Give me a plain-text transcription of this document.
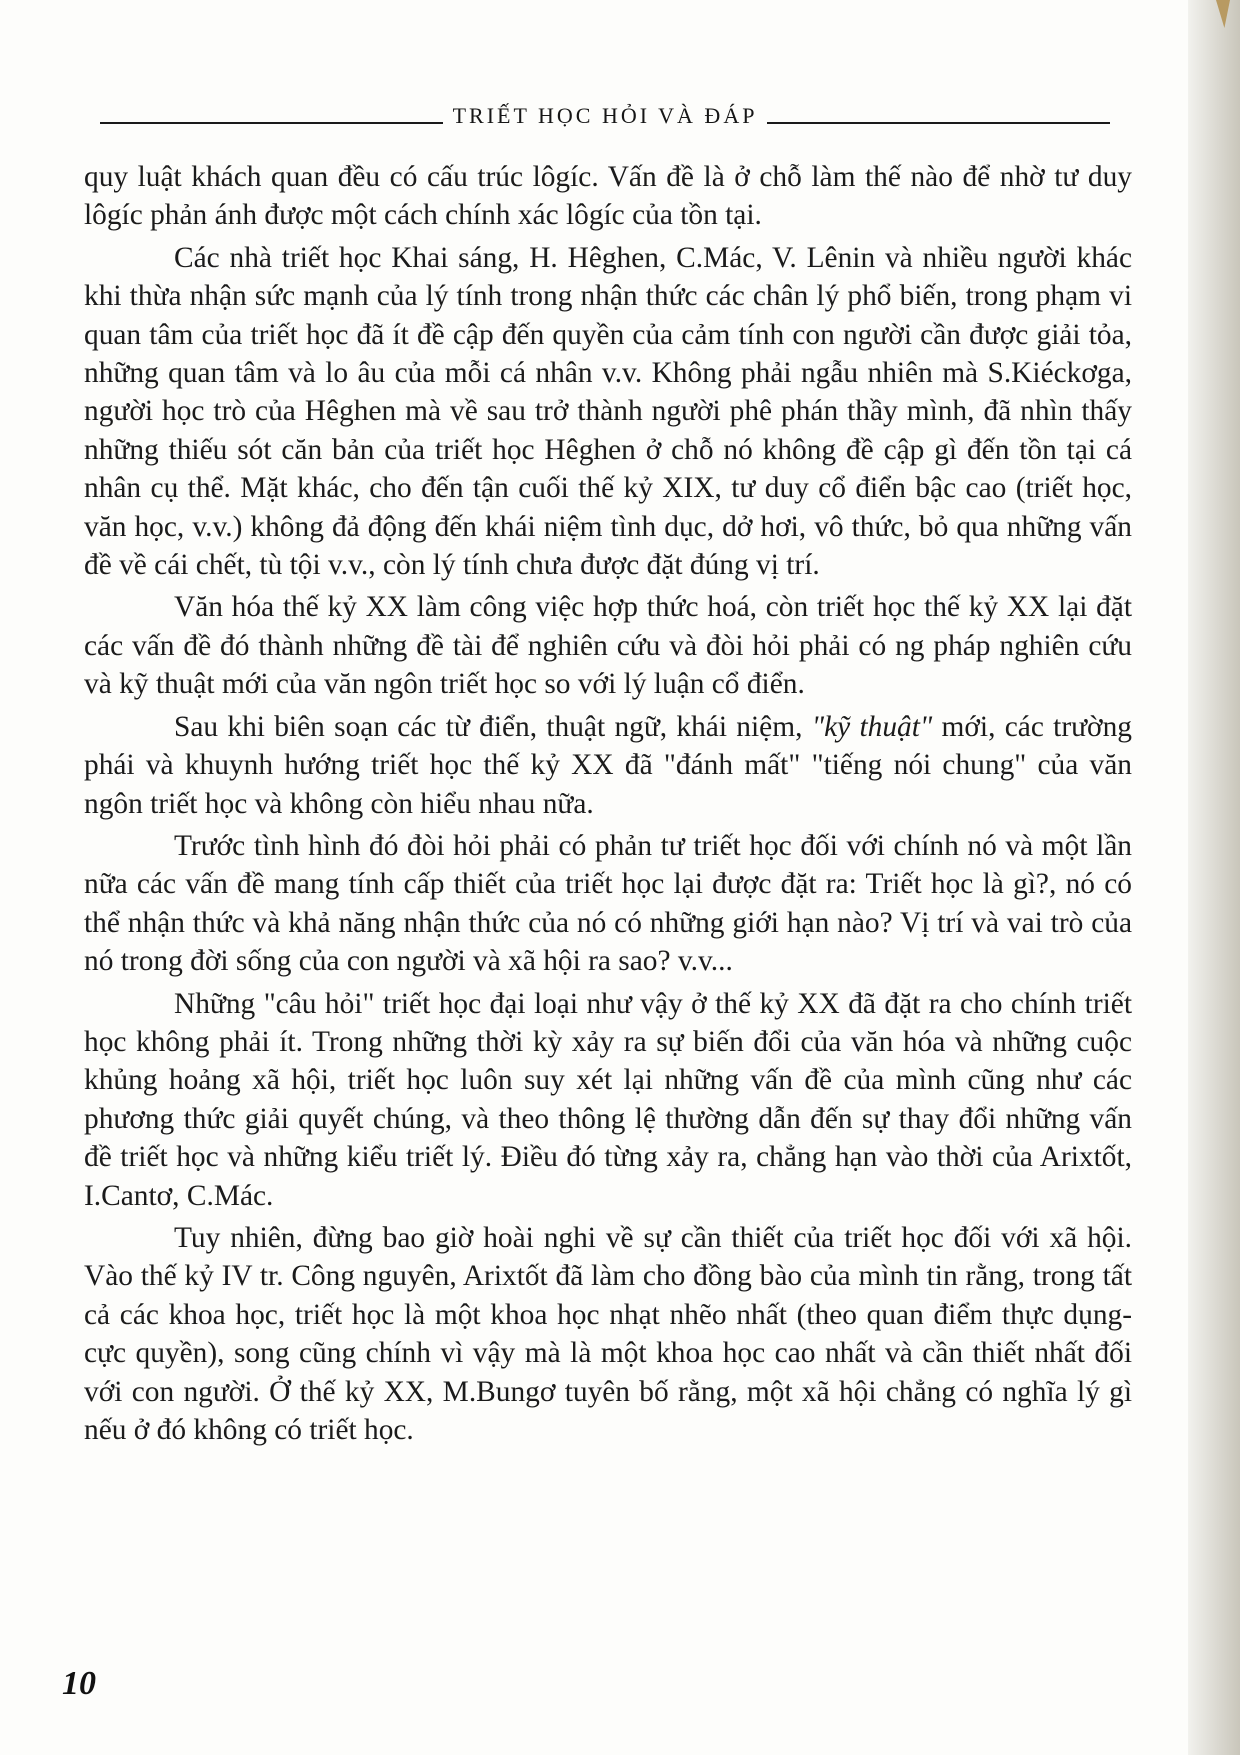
TRIẾT HỌC HỎI VÀ ĐÁP

quy luật khách quan đều có cấu trúc lôgíc. Vấn đề là ở chỗ làm thế nào để nhờ tư duy lôgíc phản ánh được một cách chính xác lôgíc của tồn tại.

Các nhà triết học Khai sáng, H. Hêghen, C.Mác, V. Lênin và nhiều người khác khi thừa nhận sức mạnh của lý tính trong nhận thức các chân lý phổ biến, trong phạm vi quan tâm của triết học đã ít đề cập đến quyền của cảm tính con người cần được giải tỏa, những quan tâm và lo âu của mỗi cá nhân v.v. Không phải ngẫu nhiên mà S.Kiéckơga, người học trò của Hêghen mà về sau trở thành người phê phán thầy mình, đã nhìn thấy những thiếu sót căn bản của triết học Hêghen ở chỗ nó không đề cập gì đến tồn tại cá nhân cụ thể. Mặt khác, cho đến tận cuối thế kỷ XIX, tư duy cổ điển bậc cao (triết học, văn học, v.v.) không đả động đến khái niệm tình dục, dở hơi, vô thức, bỏ qua những vấn đề về cái chết, tù tội v.v., còn lý tính chưa được đặt đúng vị trí.

Văn hóa thế kỷ XX làm công việc hợp thức hoá, còn triết học thế kỷ XX lại đặt các vấn đề đó thành những đề tài để nghiên cứu và đòi hỏi phải có ng pháp nghiên cứu và kỹ thuật mới của văn ngôn triết học so với lý luận cổ điển.

Sau khi biên soạn các từ điển, thuật ngữ, khái niệm, "kỹ thuật" mới, các trường phái và khuynh hướng triết học thế kỷ XX đã "đánh mất" "tiếng nói chung" của văn ngôn triết học và không còn hiểu nhau nữa.

Trước tình hình đó đòi hỏi phải có phản tư triết học đối với chính nó và một lần nữa các vấn đề mang tính cấp thiết của triết học lại được đặt ra: Triết học là gì?, nó có thể nhận thức và khả năng nhận thức của nó có những giới hạn nào? Vị trí và vai trò của nó trong đời sống của con người và xã hội ra sao? v.v...

Những "câu hỏi" triết học đại loại như vậy ở thế kỷ XX đã đặt ra cho chính triết học không phải ít. Trong những thời kỳ xảy ra sự biến đổi của văn hóa và những cuộc khủng hoảng xã hội, triết học luôn suy xét lại những vấn đề của mình cũng như các phương thức giải quyết chúng, và theo thông lệ thường dẫn đến sự thay đổi những vấn đề triết học và những kiểu triết lý. Điều đó từng xảy ra, chẳng hạn vào thời của Arixtốt, I.Cantơ, C.Mác.

Tuy nhiên, đừng bao giờ hoài nghi về sự cần thiết của triết học đối với xã hội. Vào thế kỷ IV tr. Công nguyên, Arixtốt đã làm cho đồng bào của mình tin rằng, trong tất cả các khoa học, triết học là một khoa học nhạt nhẽo nhất (theo quan điểm thực dụng- cực quyền), song cũng chính vì vậy mà là một khoa học cao nhất và cần thiết nhất đối với con người. Ở thế kỷ XX, M.Bungơ tuyên bố rằng, một xã hội chẳng có nghĩa lý gì nếu ở đó không có triết học.

10
